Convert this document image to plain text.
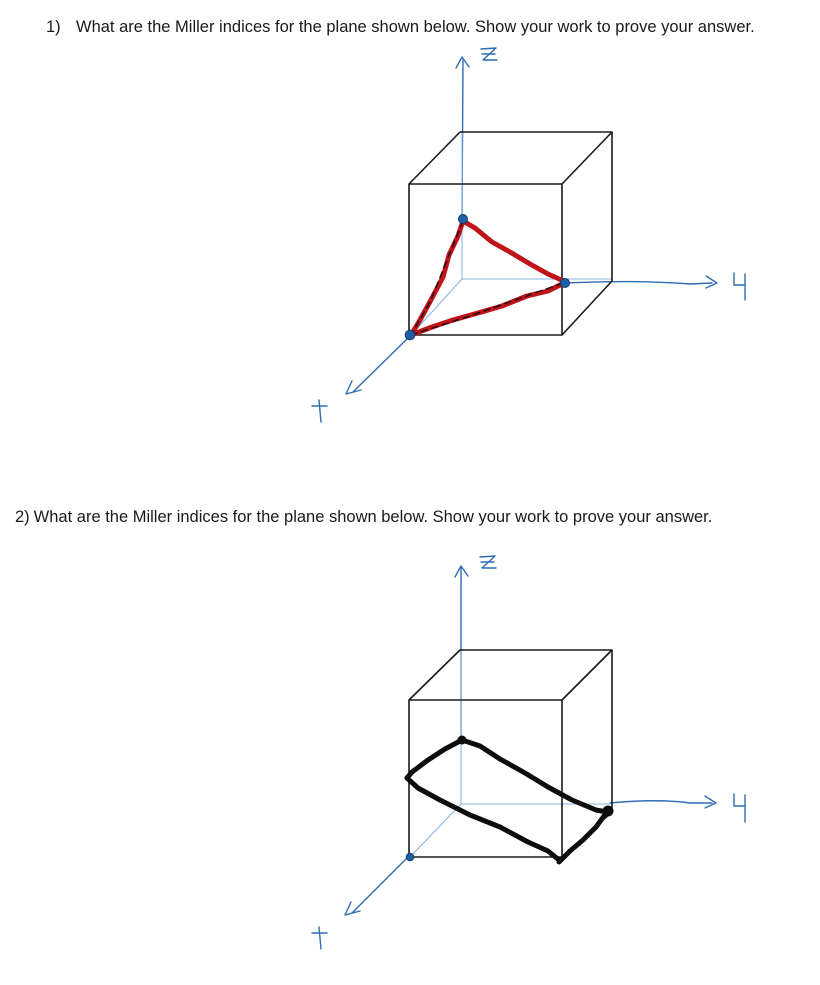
1) What are the Miller indices for the plane shown below. Show your work to prove your answer.

2) What are the Miller indices for the plane shown below. Show your work to prove your answer.
